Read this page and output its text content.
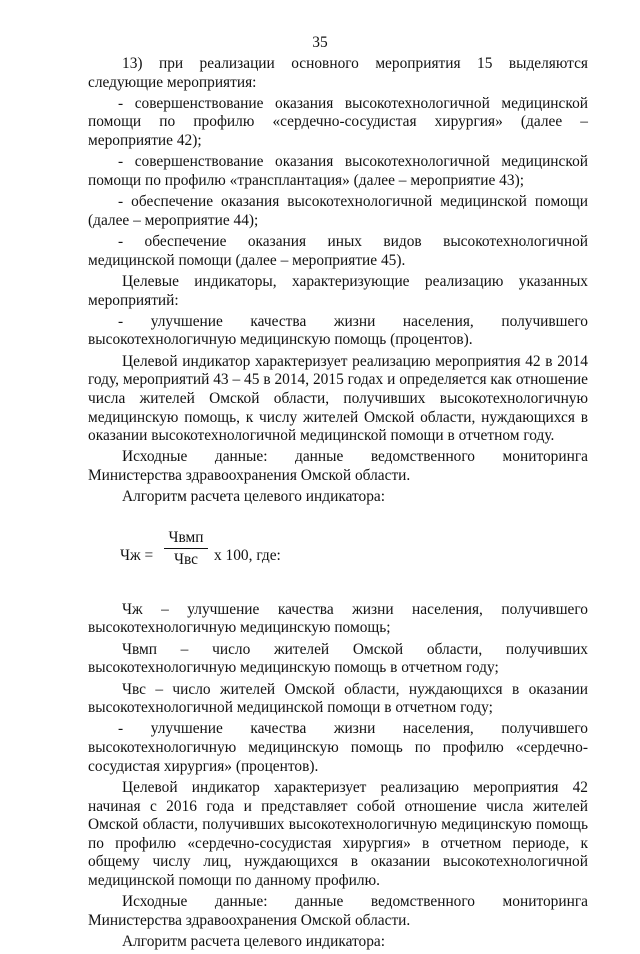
35

13) при реализации основного мероприятия 15 выделяются следующие мероприятия:

- совершенствование оказания высокотехнологичной медицинской помощи по профилю «сердечно-сосудистая хирургия» (далее – мероприятие 42);

- совершенствование оказания высокотехнологичной медицинской помощи по профилю «трансплантация» (далее – мероприятие 43);

- обеспечение оказания высокотехнологичной медицинской помощи (далее – мероприятие 44);

- обеспечение оказания иных видов высокотехнологичной медицинской помощи (далее – мероприятие 45).

Целевые индикаторы, характеризующие реализацию указанных мероприятий:

- улучшение качества жизни населения, получившего высокотехнологичную медицинскую помощь (процентов).

Целевой индикатор характеризует реализацию мероприятия 42 в 2014 году, мероприятий 43 – 45 в 2014, 2015 годах и определяется как отношение числа жителей Омской области, получивших высокотехнологичную медицинскую помощь, к числу жителей Омской области, нуждающихся в оказании высокотехнологичной медицинской помощи в отчетном году.

Исходные данные: данные ведомственного мониторинга Министерства здравоохранения Омской области.

Алгоритм расчета целевого индикатора:

Чж =
Чвмп
Чвс	х 100, где:

Чж – улучшение качества жизни населения, получившего высокотехнологичную медицинскую помощь;

Чвмп – число жителей Омской области, получивших высокотехнологичную медицинскую помощь в отчетном году;

Чвс – число жителей Омской области, нуждающихся в оказании высокотехнологичной медицинской помощи в отчетном году;

- улучшение качества жизни населения, получившего высокотехнологичную медицинскую помощь по профилю «сердечно-сосудистая хирургия» (процентов).

Целевой индикатор характеризует реализацию мероприятия 42 начиная с 2016 года и представляет собой отношение числа жителей Омской области, получивших высокотехнологичную медицинскую помощь по профилю «сердечно-сосудистая хирургия» в отчетном периоде, к общему числу лиц, нуждающихся в оказании высокотехнологичной медицинской помощи по данному профилю.

Исходные данные: данные ведомственного мониторинга Министерства здравоохранения Омской области.

Алгоритм расчета целевого индикатора:
